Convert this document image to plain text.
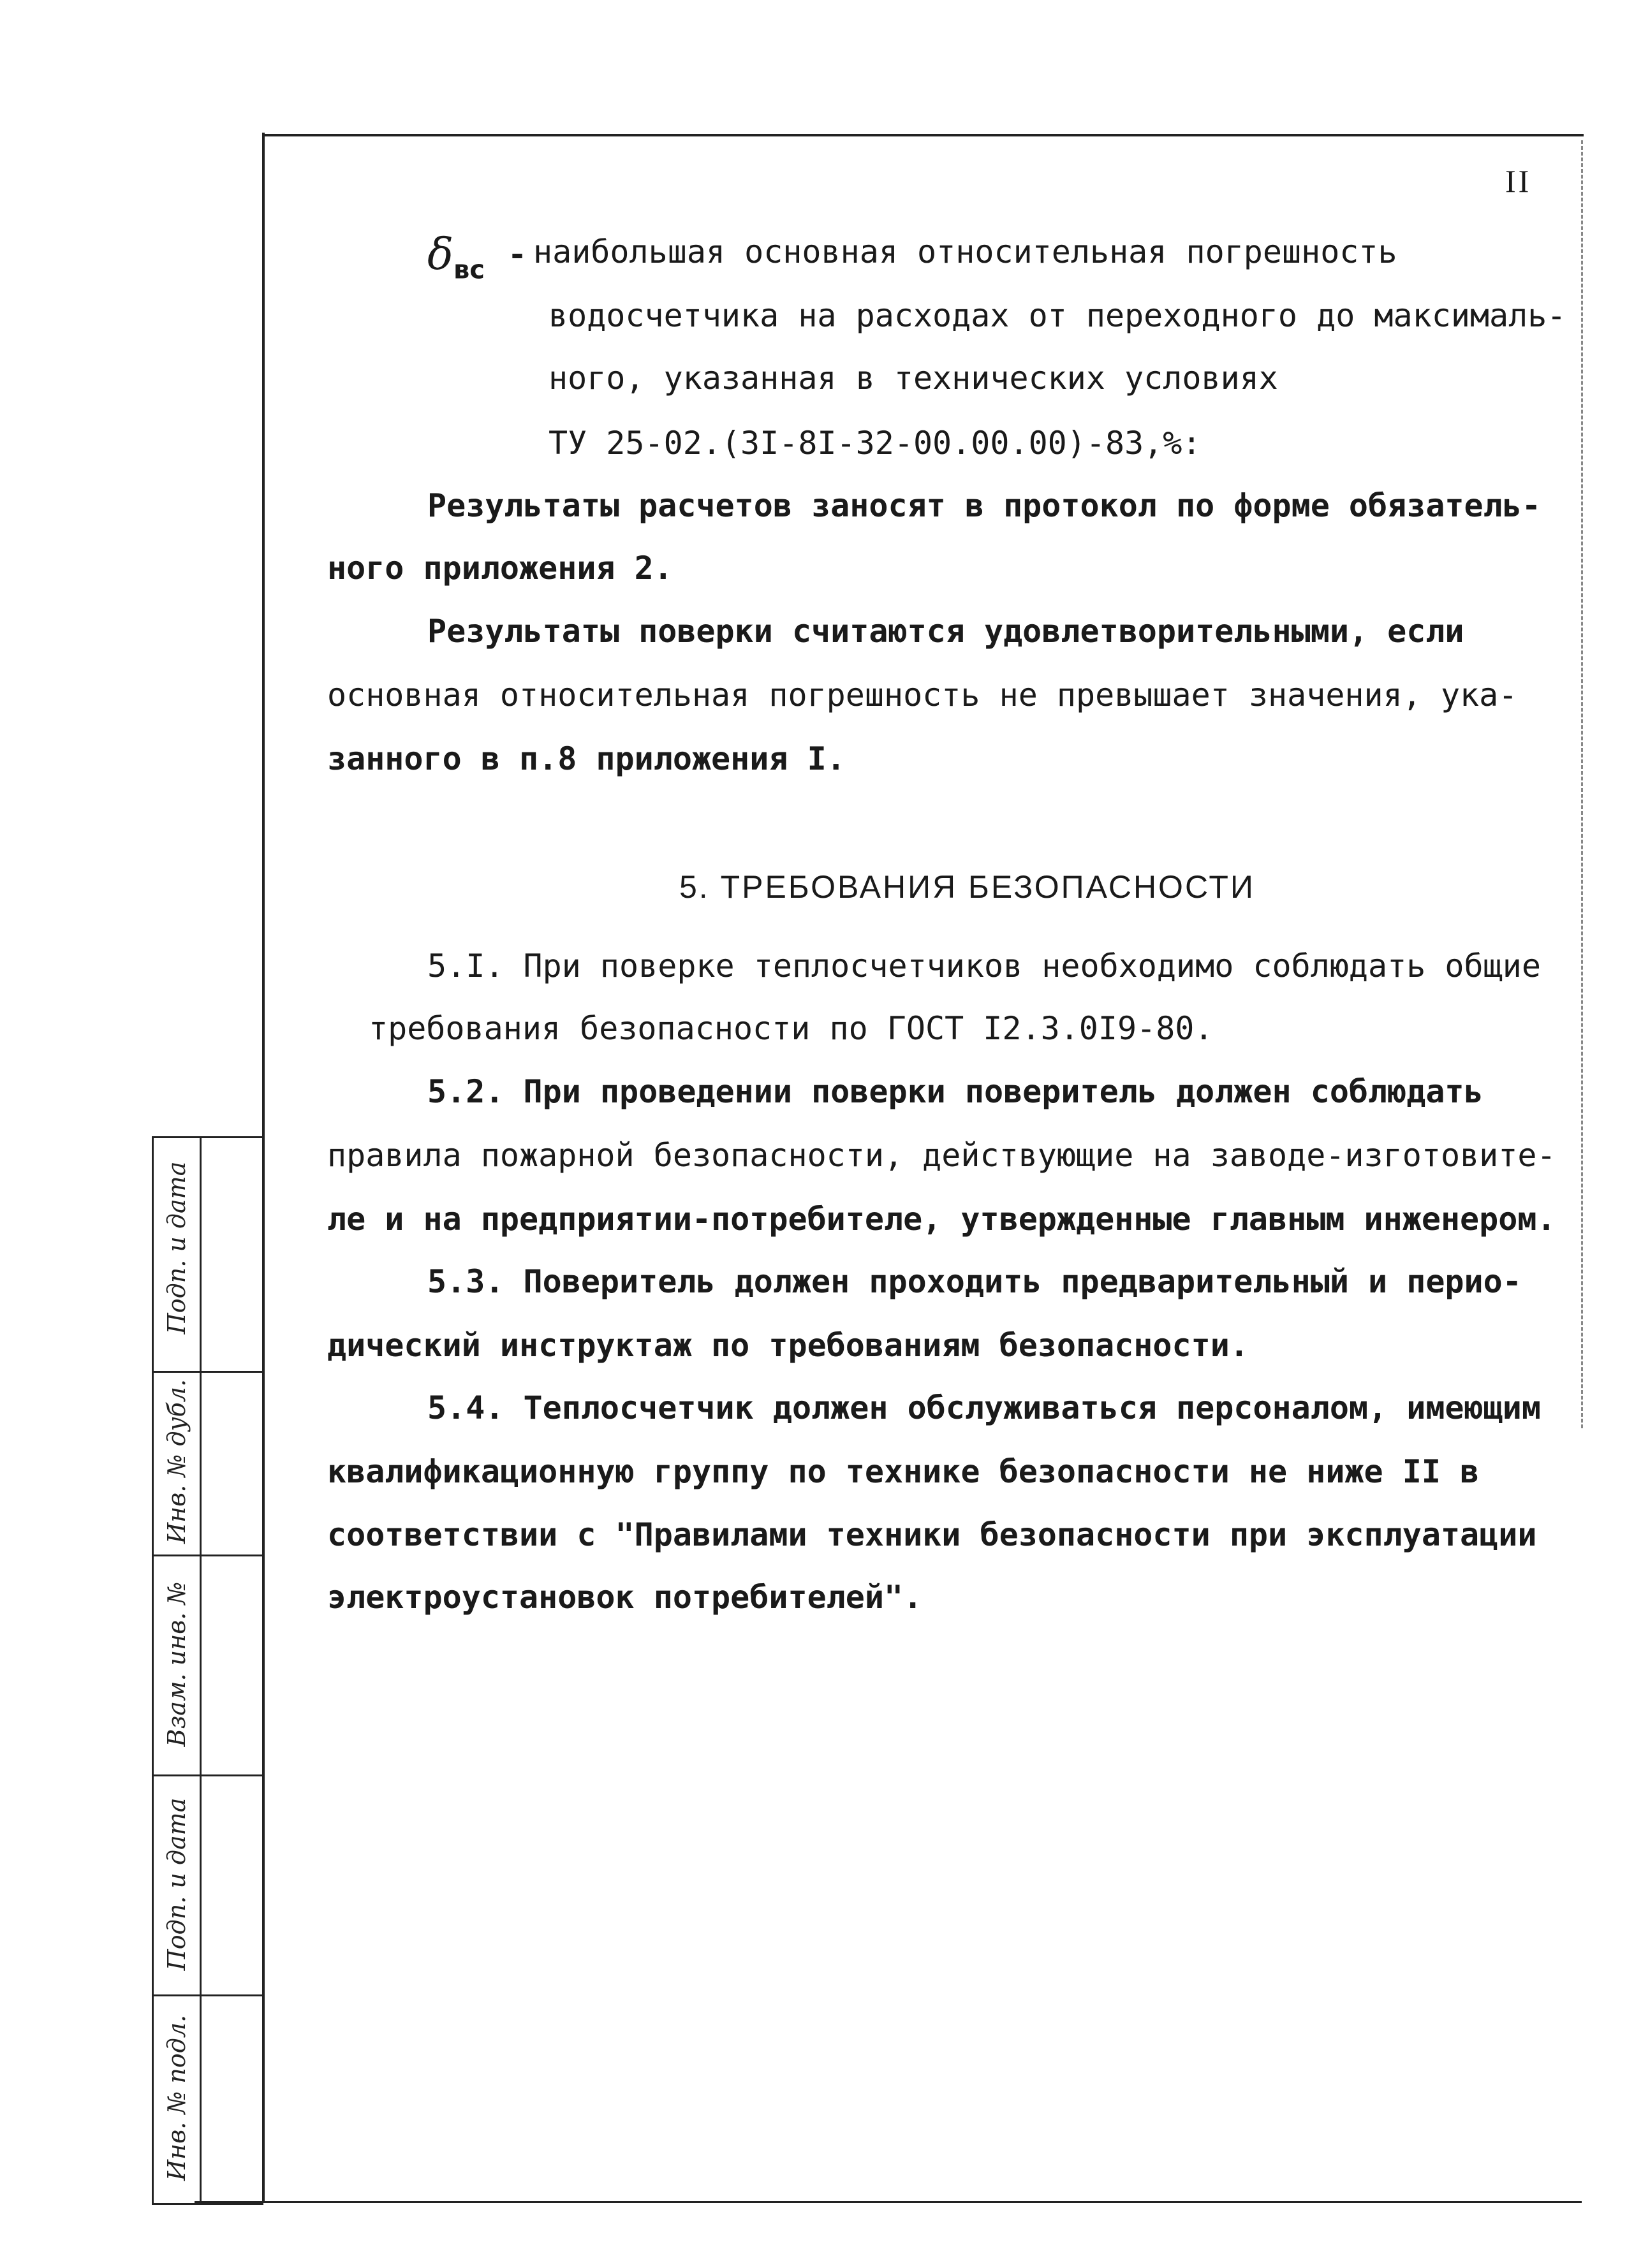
II
$\delta_{вс}$ - наибольшая основная относительная погрешность
водосчетчика на расходах от переходного до максималь-
ного, указанная в технических условиях
ТУ 25-02.(3I-8I-32-00.00.00)-83,%:
Результаты расчетов заносят в протокол по форме обязатель-
ного приложения 2.
Результаты поверки считаются удовлетворительными, если
основная относительная погрешность не превышает значения, ука-
занного в п.8 приложения I.
5. ТРЕБОВАНИЯ БЕЗОПАСНОСТИ
5.I. При поверке теплосчетчиков необходимо соблюдать общие
требования безопасности по ГОСТ I2.3.0I9-80.
5.2. При проведении поверки поверитель должен соблюдать
правила пожарной безопасности, действующие на заводе-изготовите-
ле и на предприятии-потребителе, утвержденные главным инженером.
5.3. Поверитель должен проходить предварительный и перио-
дический инструктаж по требованиям безопасности.
5.4. Теплосчетчик должен обслуживаться персоналом, имеющим
квалификационную группу по технике безопасности не ниже II в
соответствии с "Правилами техники безопасности при эксплуатации
электроустановок потребителей".
Подп. и дата
Инв. № дубл.
Взам. инв. №
Подп. и дата
Инв. № подл.
